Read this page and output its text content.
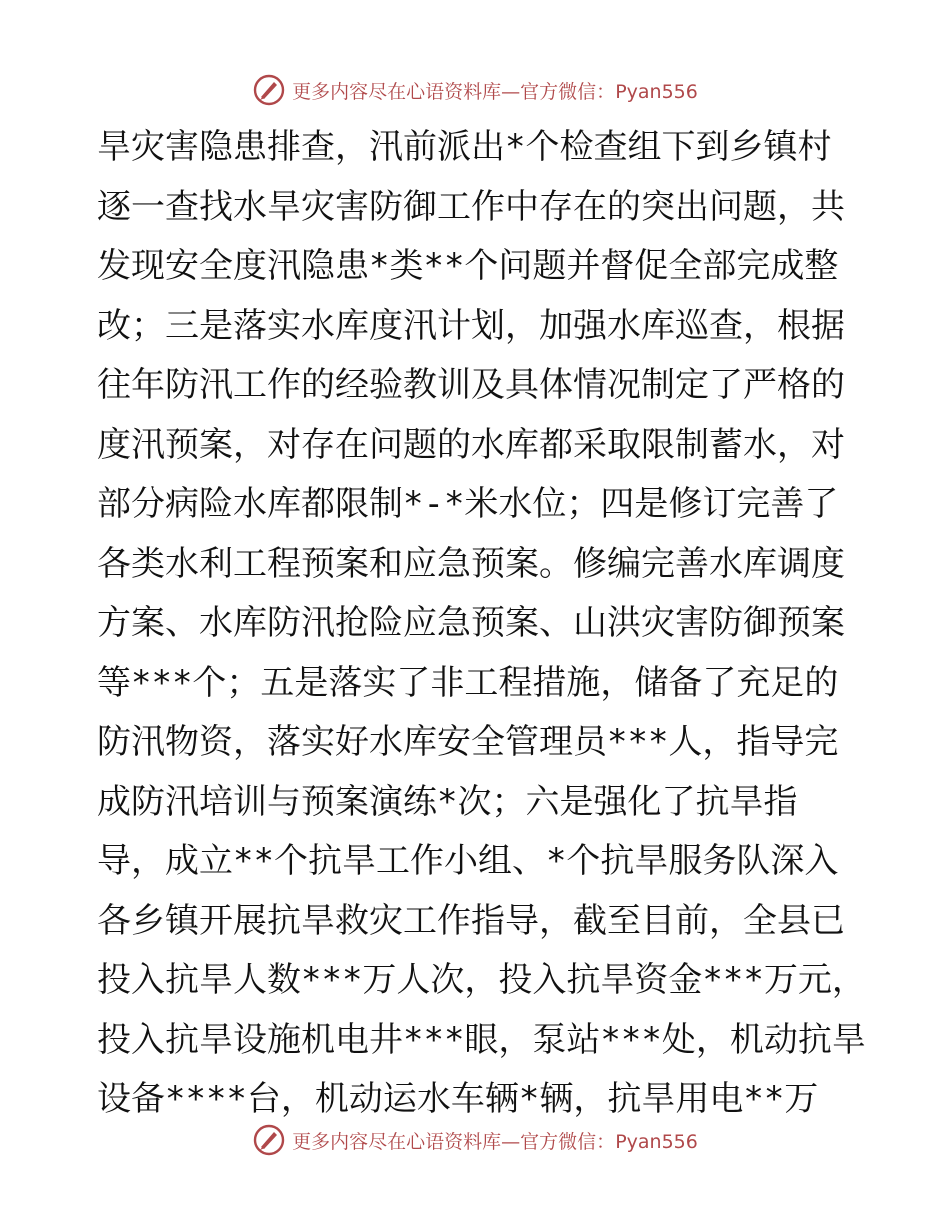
更多内容尽在心语资料库—官方微信：Pyan556
旱灾害隐患排查，汛前派出*个检查组下到乡镇村
逐一查找水旱灾害防御工作中存在的突出问题，共
发现安全度汛隐患*类**个问题并督促全部完成整
改；三是落实水库度汛计划，加强水库巡查，根据
往年防汛工作的经验教训及具体情况制定了严格的
度汛预案，对存在问题的水库都采取限制蓄水，对
部分病险水库都限制*-*米水位；四是修订完善了
各类水利工程预案和应急预案。修编完善水库调度
方案、水库防汛抢险应急预案、山洪灾害防御预案
等***个；五是落实了非工程措施，储备了充足的
防汛物资，落实好水库安全管理员***人，指导完
成防汛培训与预案演练*次；六是强化了抗旱指
导，成立**个抗旱工作小组、*个抗旱服务队深入
各乡镇开展抗旱救灾工作指导，截至目前，全县已
投入抗旱人数***万人次，投入抗旱资金***万元，
投入抗旱设施机电井***眼，泵站***处，机动抗旱
设备****台，机动运水车辆*辆，抗旱用电**万
更多内容尽在心语资料库—官方微信：Pyan556
